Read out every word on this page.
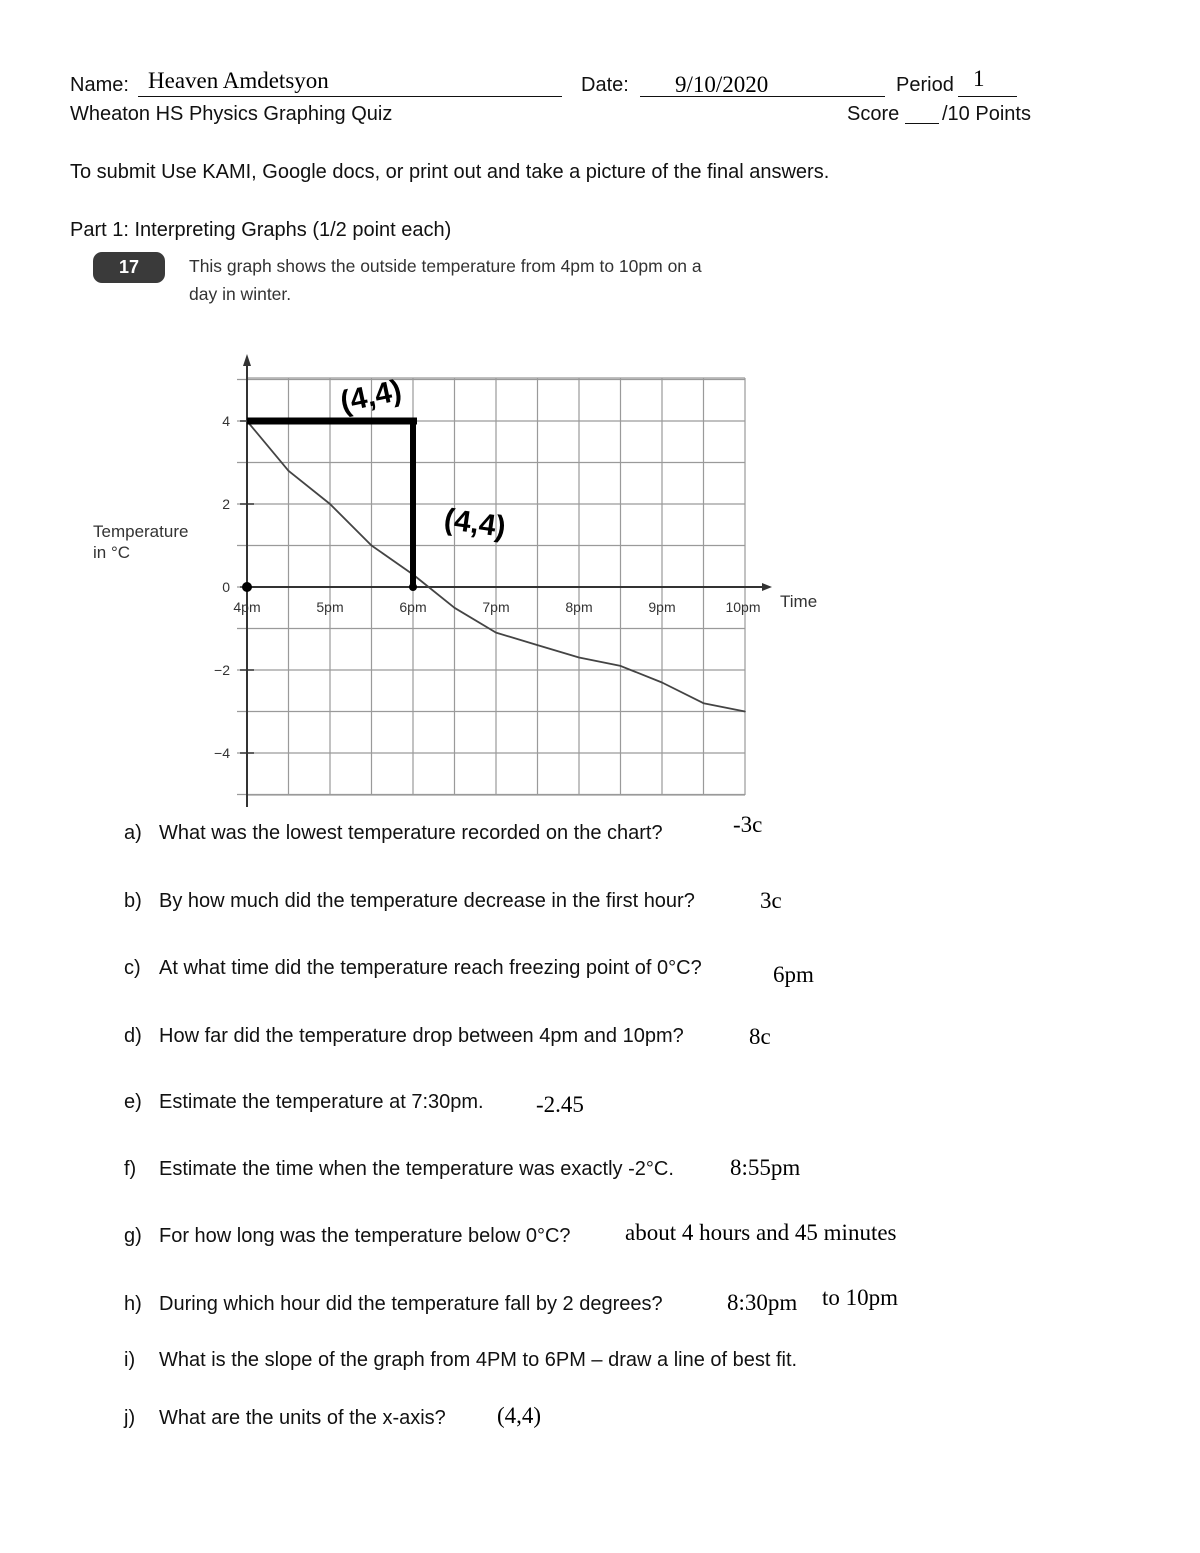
Name: Heaven Amdetsyon	Date: 9/10/2020	Period 1
Wheaton HS Physics Graphing Quiz	Score /10 Points
To submit Use KAMI, Google docs, or print out and take a picture of the final answers.
Part 1: Interpreting Graphs (1/2 point each)
17	This graph shows the outside temperature from 4pm to 10pm on a
day in winter.
4pm	5pm	6pm	7pm	8pm	9pm	10pm
4
2
0
−2
−4
(4,4)
(4,4)
Temperature
in °C
Time
a) What was the lowest temperature recorded on the chart?	-3c
b) By how much did the temperature decrease in the first hour?	3c
c) At what time did the temperature reach freezing point of 0°C?	6pm
d) How far did the temperature drop between 4pm and 10pm?	8c
e) Estimate the temperature at 7:30pm. -2.45
f) Estimate the time when the temperature was exactly -2°C. 8:55pm
g) For how long was the temperature below 0°C? about 4 hours and 45 minutes
h) During which hour did the temperature fall by 2 degrees?	8:30pm to 10pm
i) What is the slope of the graph from 4PM to 6PM – draw a line of best fit.
j) What are the units of the x-axis? (4,4)
